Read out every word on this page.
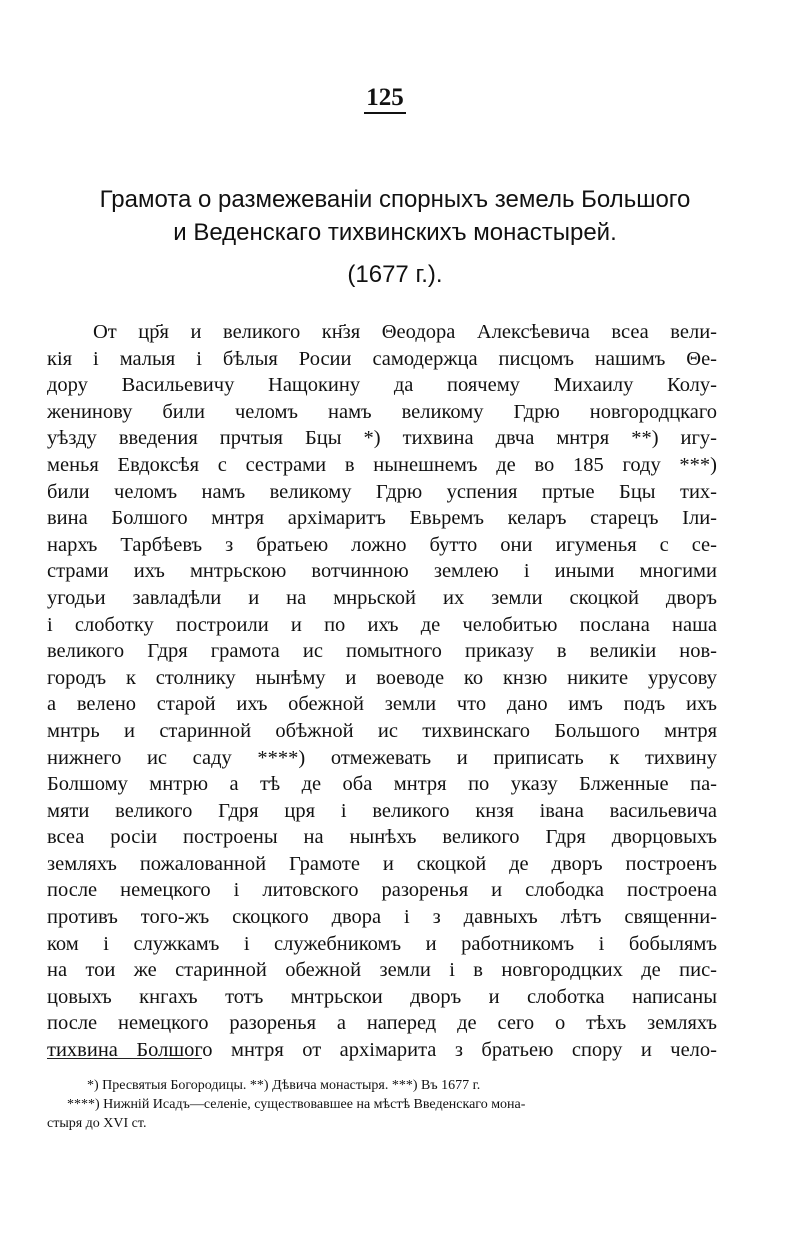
125
Грамота о размежеванiи спорныхъ земель Большого
и Веденскагo тихвинскихъ монастырей.
(1677 г.).
От цр҃я и великого кн҃зя Θеодора Алексѣевича всеа вели-
кiя i малыя i бѣлыя Росии самодержца писцомъ нашимъ Θе-
дору Васильевичу Нащокину да поячему Михаилу Колу-
женинову били челомъ намъ великому Гдрю новгородцкаго
уѣзду введения прчтыя Бцы *) тихвина двча мнтря **) игу-
менья Евдоксѣя с сестрами в нынешнемъ де во 185 году ***)
били челомъ намъ великому Гдрю успения пртые Бцы тих-
вина Болшого мнтря архiмаритъ Евьремъ келаръ старецъ Iли-
нархъ Тарбѣевъ з братьею ложно бутто они игуменья с се-
страми ихъ мнтрьскою вотчинною землею i иными многими
угодьи завладѣли и на мнрьской их земли скоцкой дворъ
i слоботку построили и по ихъ де челобитью послана наша
великого Гдря грамота ис помытного приказу в великiи нов-
городъ к столнику нынѣму и воеводе ко кнзю никите урусову
а велено старой ихъ обежной земли что дано имъ подъ ихъ
мнтрь и старинной обѣжной ис тихвинскаго Большого мнтря
нижнего ис саду ****) отмежевать и приписать к тихвину
Болшому мнтрю а тѣ де оба мнтря по указу Блженные па-
мяти великого Гдря цря i великого кнзя iвана васильевича
всеа росiи построены на нынѣхъ великого Гдря дворцовыхъ
земляхъ пожалованной Грамоте и скоцкой де дворъ построенъ
после немецкого i литовского разоренья и слободка построена
противъ того-жъ скоцкого двора i з давныхъ лѣтъ священни-
ком i служкамъ i служебникомъ и работникомъ i бобылямъ
на тои же старинной обежной земли i в новгородцких де пис-
цовыхъ кнгахъ тотъ мнтрьскои дворъ и слоботка написаны
после немецкого разоренья а наперед де сего о тѣхъ земляхъ
тихвина Болшого мнтря от архiмарита з братьею спору и чело-
*) Пресвятыя Богородицы. **) Дѣвича монастыря. ***) Въ 1677 г.
****) Нижнiй Исадъ—селенiе, существовавшее на мѣстѣ Введенскаго мона-
стыря до XVI ст.
